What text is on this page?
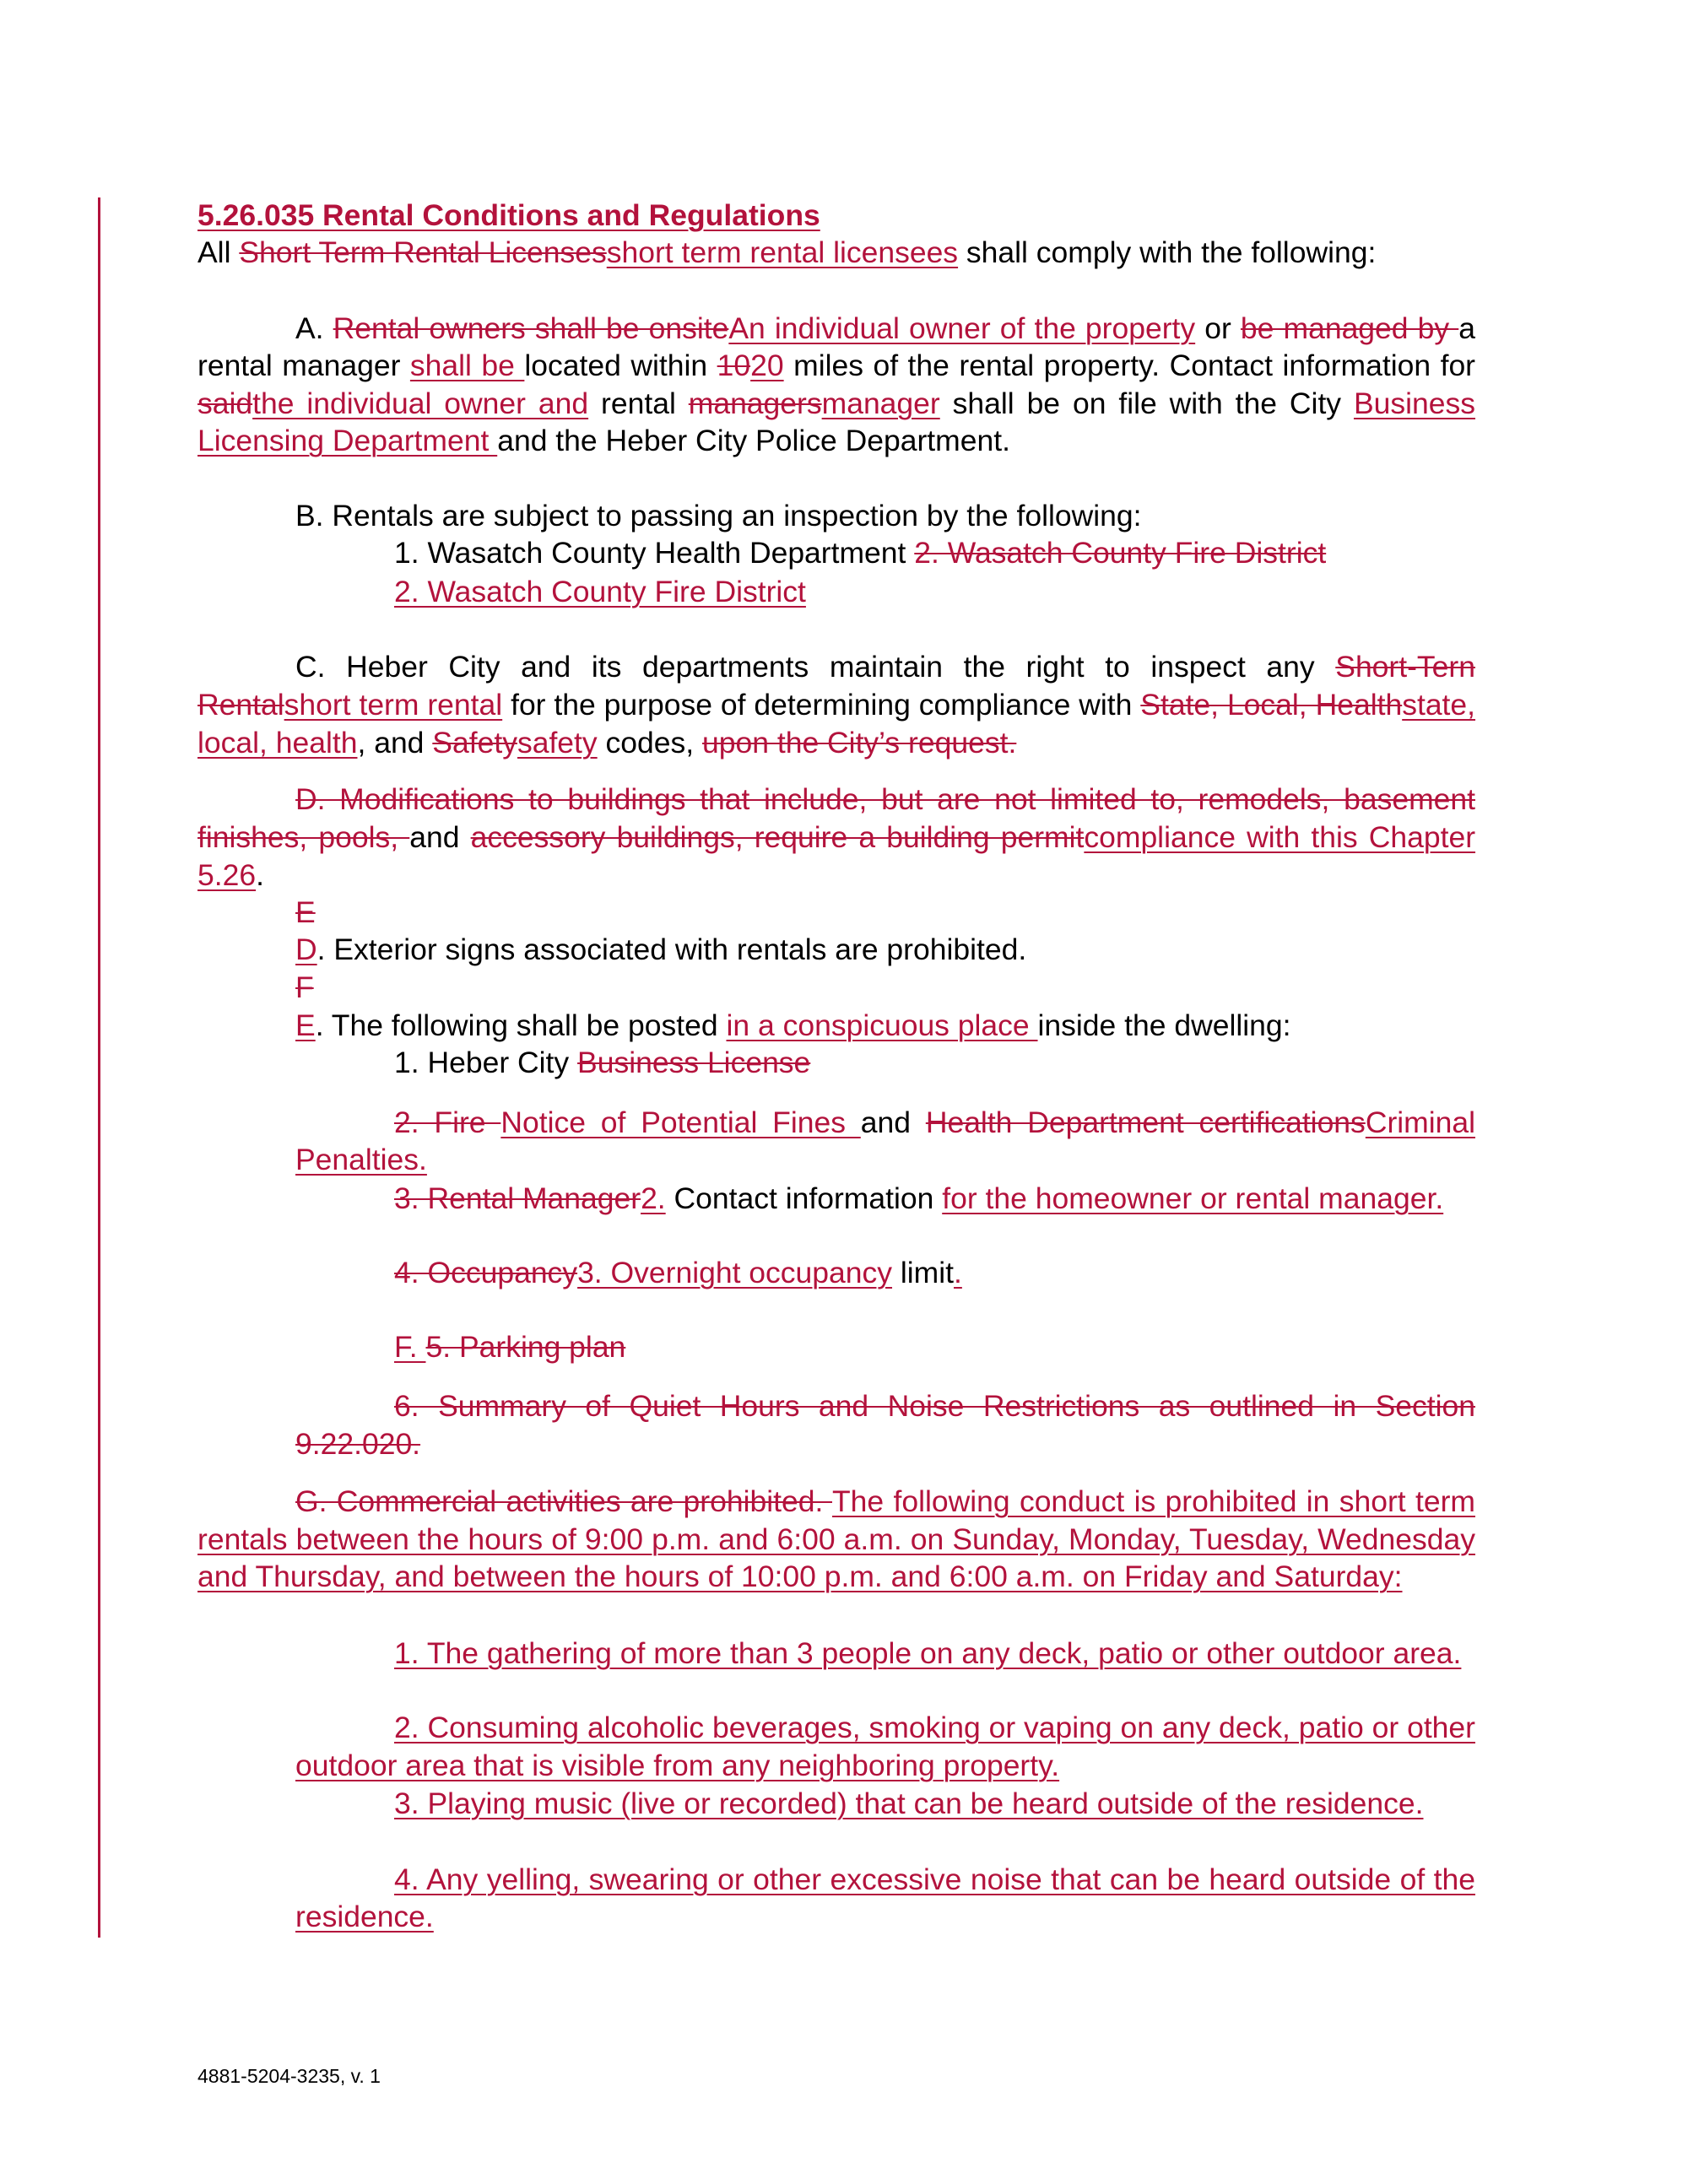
5.26.035 Rental Conditions and Regulations
All Short Term Rental Licensesshort term rental licensees shall comply with the following:
A. Rental owners shall be onsiteAn individual owner of the property or be managed by a rental manager shall be located within 1020 miles of the rental property. Contact information for saidthe individual owner and rental managersmanager shall be on file with the City Business Licensing Department and the Heber City Police Department.
B. Rentals are subject to passing an inspection by the following:
1. Wasatch County Health Department 2. Wasatch County Fire District
2. Wasatch County Fire District
C. Heber City and its departments maintain the right to inspect any Short-Tern Rentalshort term rental for the purpose of determining compliance with State, Local, Healthstate, local, health, and Safetysafety codes, upon the City’s request.
D. Modifications to buildings that include, but are not limited to, remodels, basement finishes, pools, and accessory buildings, require a building permitcompliance with this Chapter 5.26.
E
D. Exterior signs associated with rentals are prohibited.
F
E. The following shall be posted in a conspicuous place inside the dwelling:
1. Heber City Business License
2. Fire Notice of Potential Fines and Health Department certificationsCriminal Penalties.
3. Rental Manager2. Contact information for the homeowner or rental manager.
4. Occupancy3. Overnight occupancy limit.
F. 5. Parking plan
6. Summary of Quiet Hours and Noise Restrictions as outlined in Section 9.22.020.
G. Commercial activities are prohibited. The following conduct is prohibited in short term rentals between the hours of 9:00 p.m. and 6:00 a.m. on Sunday, Monday, Tuesday, Wednesday and Thursday, and between the hours of 10:00 p.m. and 6:00 a.m. on Friday and Saturday:
1. The gathering of more than 3 people on any deck, patio or other outdoor area.
2. Consuming alcoholic beverages, smoking or vaping on any deck, patio or other outdoor area that is visible from any neighboring property.
3. Playing music (live or recorded) that can be heard outside of the residence.
4. Any yelling, swearing or other excessive noise that can be heard outside of the residence.
4881-5204-3235, v. 1
